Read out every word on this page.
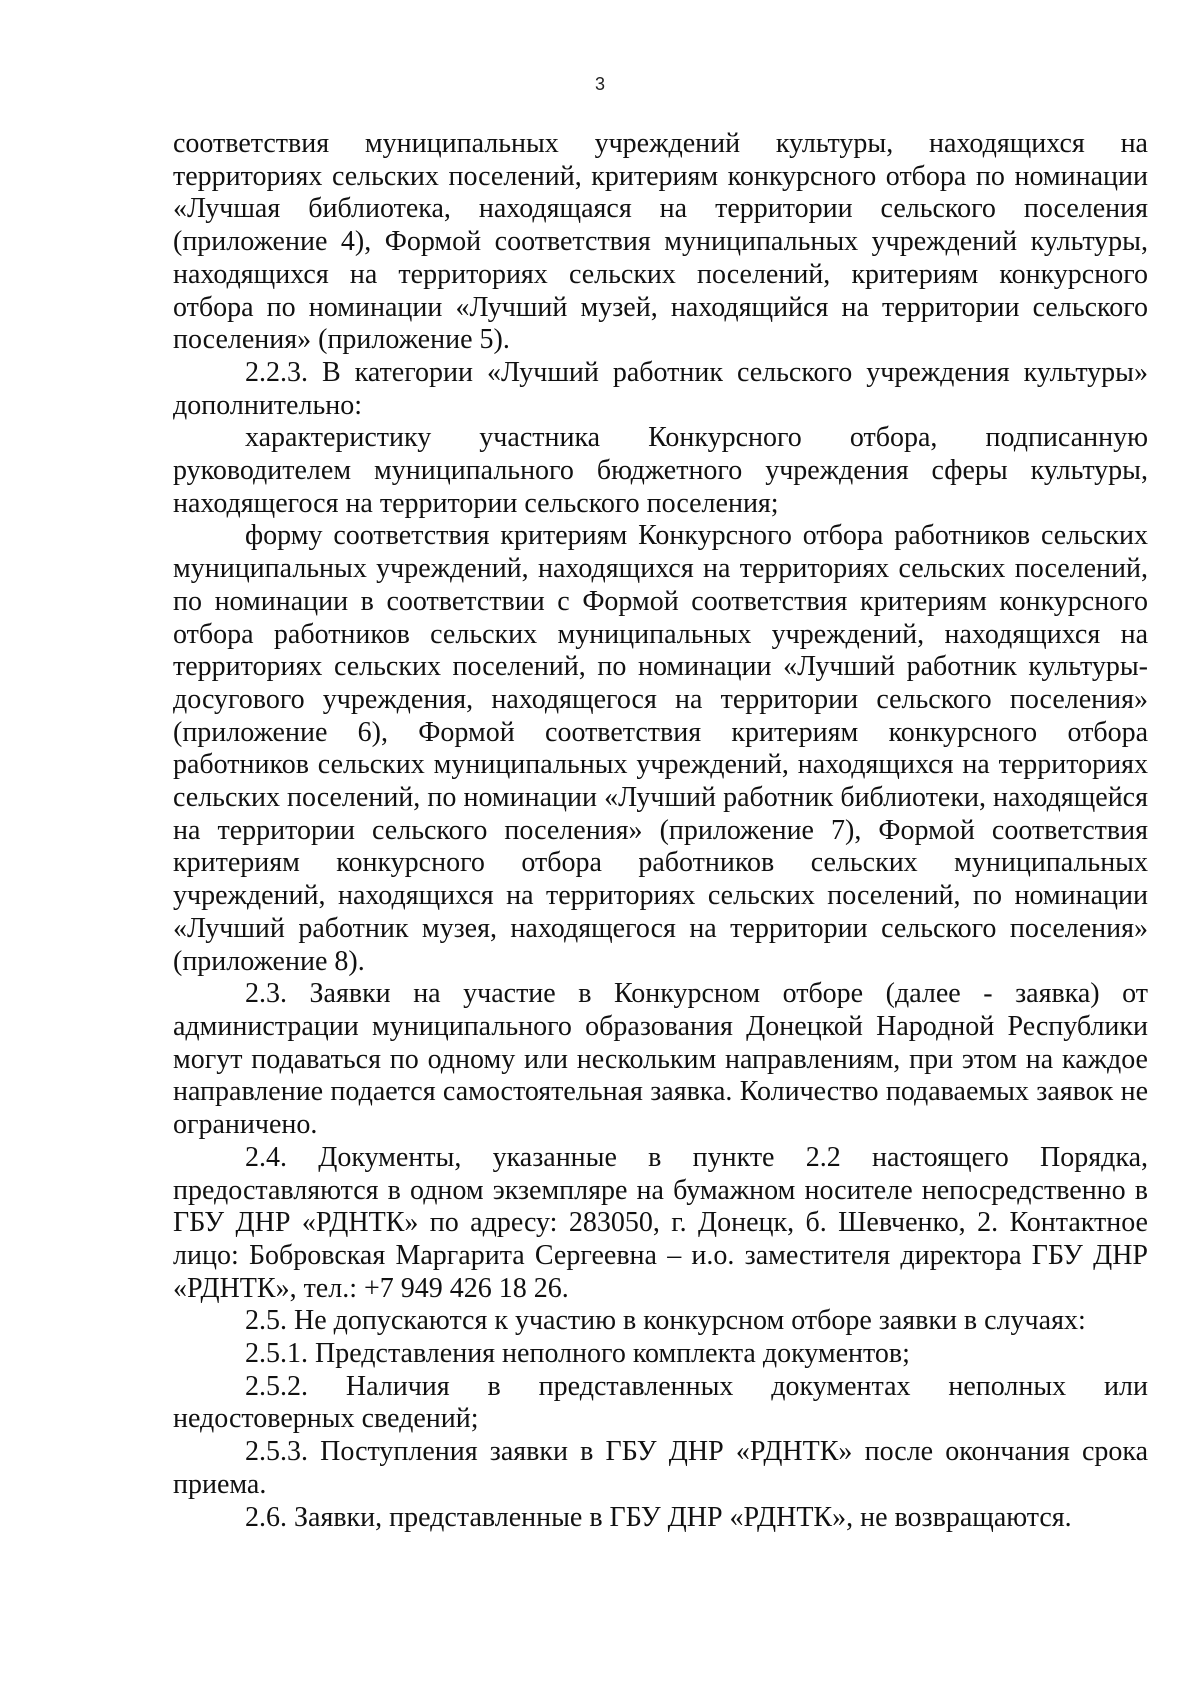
3

соответствия муниципальных учреждений культуры, находящихся на территориях сельских поселений, критериям конкурсного отбора по номинации «Лучшая библиотека, находящаяся на территории сельского поселения (приложение 4), Формой соответствия муниципальных учреждений культуры, находящихся на территориях сельских поселений, критериям конкурсного отбора по номинации «Лучший музей, находящийся на территории сельского поселения» (приложение 5).

2.2.3. В категории «Лучший работник сельского учреждения культуры» дополнительно:

характеристику участника Конкурсного отбора, подписанную руководителем муниципального бюджетного учреждения сферы культуры, находящегося на территории сельского поселения;

форму соответствия критериям Конкурсного отбора работников сельских муниципальных учреждений, находящихся на территориях сельских поселений, по номинации в соответствии с Формой соответствия критериям конкурсного отбора работников сельских муниципальных учреждений, находящихся на территориях сельских поселений, по номинации «Лучший работник культуры-досугового учреждения, находящегося на территории сельского поселения» (приложение 6), Формой соответствия критериям конкурсного отбора работников сельских муниципальных учреждений, находящихся на территориях сельских поселений, по номинации «Лучший работник библиотеки, находящейся на территории сельского поселения» (приложение 7), Формой соответствия критериям конкурсного отбора работников сельских муниципальных учреждений, находящихся на территориях сельских поселений, по номинации «Лучший работник музея, находящегося на территории сельского поселения» (приложение 8).

2.3. Заявки на участие в Конкурсном отборе (далее - заявка) от администрации муниципального образования Донецкой Народной Республики могут подаваться по одному или нескольким направлениям, при этом на каждое направление подается самостоятельная заявка. Количество подаваемых заявок не ограничено.

2.4. Документы, указанные в пункте 2.2 настоящего Порядка, предоставляются в одном экземпляре на бумажном носителе непосредственно в ГБУ ДНР «РДНТК» по адресу: 283050, г. Донецк, б. Шевченко, 2. Контактное лицо: Бобровская Маргарита Сергеевна – и.о. заместителя директора ГБУ ДНР «РДНТК», тел.: +7 949 426 18 26.

2.5. Не допускаются к участию в конкурсном отборе заявки в случаях:

2.5.1. Представления неполного комплекта документов;

2.5.2. Наличия в представленных документах неполных или недостоверных сведений;

2.5.3. Поступления заявки в ГБУ ДНР «РДНТК» после окончания срока приема.

2.6. Заявки, представленные в ГБУ ДНР «РДНТК», не возвращаются.
